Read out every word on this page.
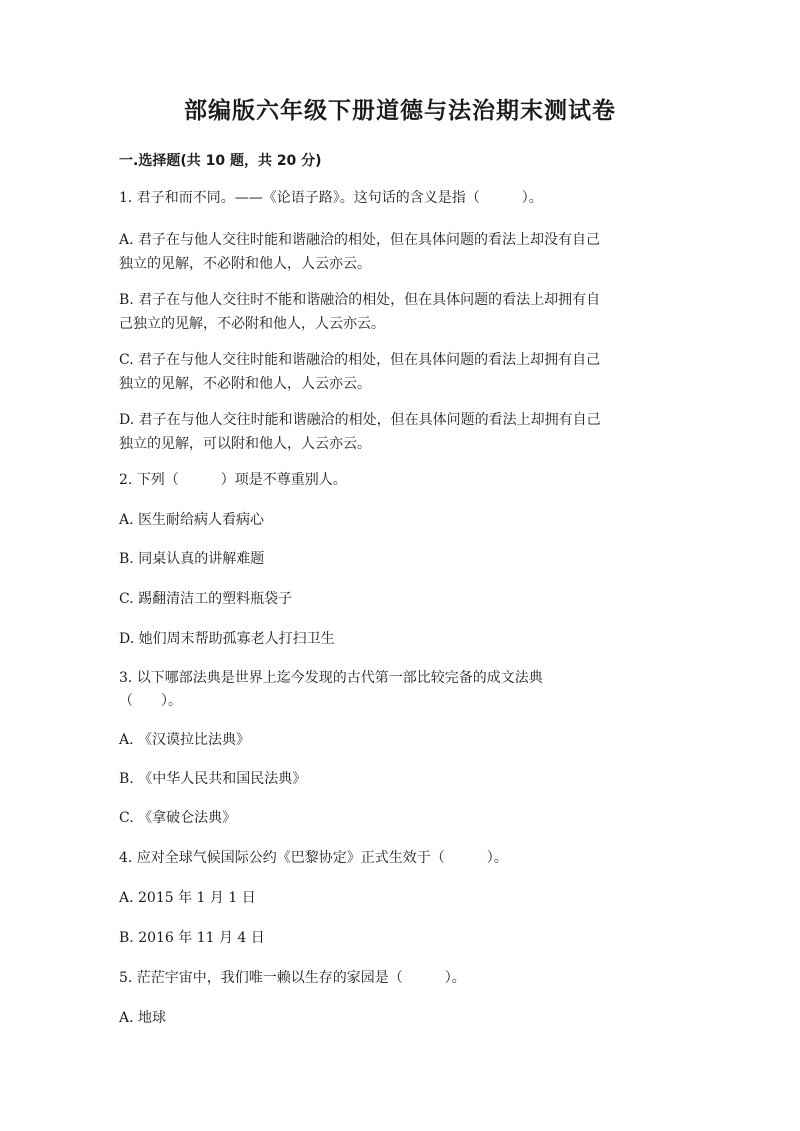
部编版六年级下册道德与法治期末测试卷
一.选择题(共 10 题，共 20 分)
1. 君子和而不同。——《论语子路》。这句话的含义是指（　　　）。
A. 君子在与他人交往时能和谐融洽的相处，但在具体问题的看法上却没有自己
独立的见解，不必附和他人，人云亦云。
B. 君子在与他人交往时不能和谐融洽的相处，但在具体问题的看法上却拥有自
己独立的见解，不必附和他人，人云亦云。
C. 君子在与他人交往时能和谐融洽的相处，但在具体问题的看法上却拥有自己
独立的见解，不必附和他人，人云亦云。
D. 君子在与他人交往时能和谐融洽的相处，但在具体问题的看法上却拥有自己
独立的见解，可以附和他人，人云亦云。
2. 下列（　　　）项是不尊重别人。
A. 医生耐给病人看病心
B. 同桌认真的讲解难题
C. 踢翻清洁工的塑料瓶袋子
D. 她们周末帮助孤寡老人打扫卫生
3. 以下哪部法典是世界上迄今发现的古代第一部比较完备的成文法典
（　　）。
A. 《汉谟拉比法典》
B. 《中华人民共和国民法典》
C. 《拿破仑法典》
4. 应对全球气候国际公约《巴黎协定》正式生效于（　　　）。
A. 2015 年 1 月 1 日
B. 2016 年 11 月 4 日
5. 茫茫宇宙中，我们唯一赖以生存的家园是（　　　）。
A. 地球
